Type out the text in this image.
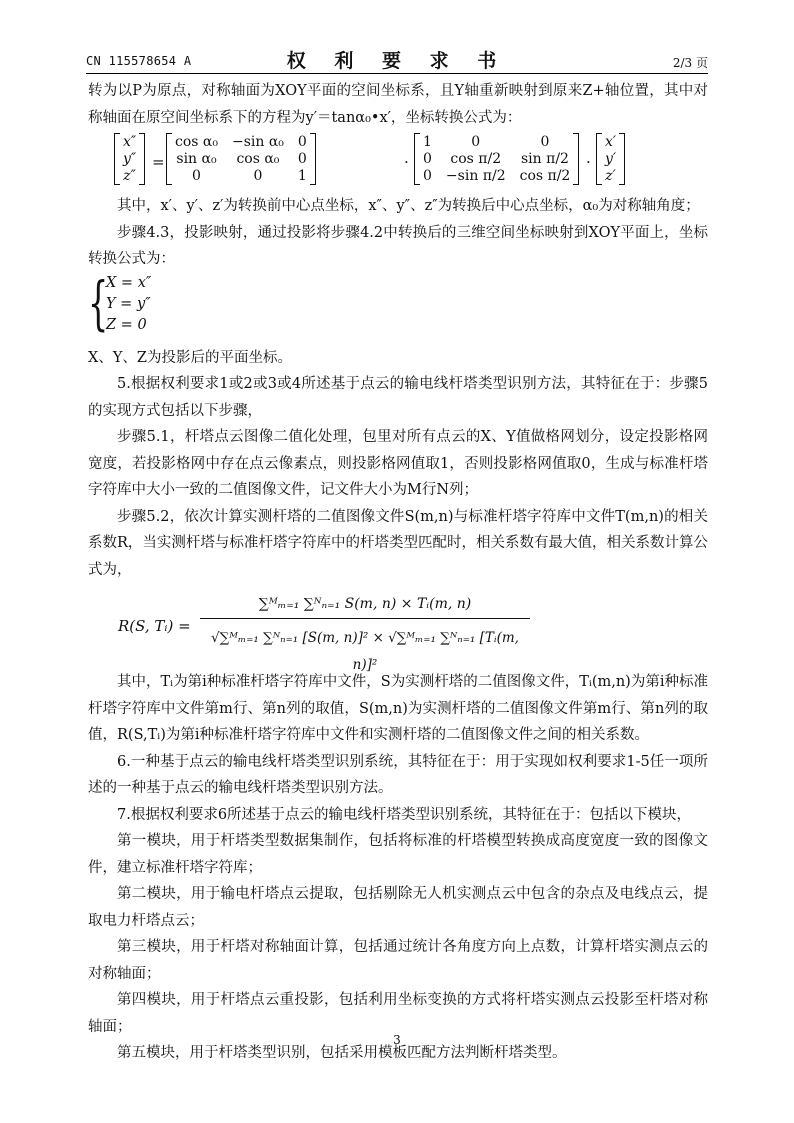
CN 115578654 A	权 利 要 求 书	2/3 页

转为以P为原点，对称轴面为XOY平面的空间坐标系，且Y轴重新映射到原来Z+轴位置，其中对称轴面在原空间坐标系下的方程为y′＝tanα₀•x′，坐标转换公式为：

x″
y″
z″
=
cos α₀ −sin α₀ 0
sin α₀	cos α₀	0
0	0	1
·
1	0	0
0	cos π/2	sin π/2
0 −sin π/2 cos π/2
·
x′
y′
z′

其中，x′、y′、z′为转换前中心点坐标，x″、y″、z″为转换后中心点坐标，α₀为对称轴角度；

步骤4.3，投影映射，通过投影将步骤4.2中转换后的三维空间坐标映射到XOY平面上，坐标转换公式为：

{
X = x″
Y = y″
Z = 0

X、Y、Z为投影后的平面坐标。

5.根据权利要求1或2或3或4所述基于点云的输电线杆塔类型识别方法，其特征在于：步骤5的实现方式包括以下步骤，

步骤5.1，杆塔点云图像二值化处理，包里对所有点云的X、Y值做格网划分，设定投影格网宽度，若投影格网中存在点云像素点，则投影格网值取1，否则投影格网值取0，生成与标准杆塔字符库中大小一致的二值图像文件，记文件大小为M行N列；

步骤5.2，依次计算实测杆塔的二值图像文件S(m,n)与标准杆塔字符库中文件T(m,n)的相关系数R，当实测杆塔与标准杆塔字符库中的杆塔类型匹配时，相关系数有最大值，相关系数计算公式为，

R(S, Tᵢ) =
∑ᴹₘ₌₁ ∑ᴺₙ₌₁ S(m, n) × Tᵢ(m, n)
√∑ᴹₘ₌₁ ∑ᴺₙ₌₁ [S(m, n)]² × √∑ᴹₘ₌₁ ∑ᴺₙ₌₁ [Tᵢ(m, n)]²

其中，Tᵢ为第i种标准杆塔字符库中文件，S为实测杆塔的二值图像文件，Tᵢ(m,n)为第i种标准杆塔字符库中文件第m行、第n列的取值，S(m,n)为实测杆塔的二值图像文件第m行、第n列的取值，R(S,Tᵢ)为第i种标准杆塔字符库中文件和实测杆塔的二值图像文件之间的相关系数。

6.一种基于点云的输电线杆塔类型识别系统，其特征在于：用于实现如权利要求1-5任一项所述的一种基于点云的输电线杆塔类型识别方法。

7.根据权利要求6所述基于点云的输电线杆塔类型识别系统，其特征在于：包括以下模块，

第一模块，用于杆塔类型数据集制作，包括将标准的杆塔模型转换成高度宽度一致的图像文件，建立标准杆塔字符库；

第二模块，用于输电杆塔点云提取，包括剔除无人机实测点云中包含的杂点及电线点云，提取电力杆塔点云；

第三模块，用于杆塔对称轴面计算，包括通过统计各角度方向上点数，计算杆塔实测点云的对称轴面；

第四模块，用于杆塔点云重投影，包括利用坐标变换的方式将杆塔实测点云投影至杆塔对称轴面；

第五模块，用于杆塔类型识别，包括采用模板匹配方法判断杆塔类型。

3
